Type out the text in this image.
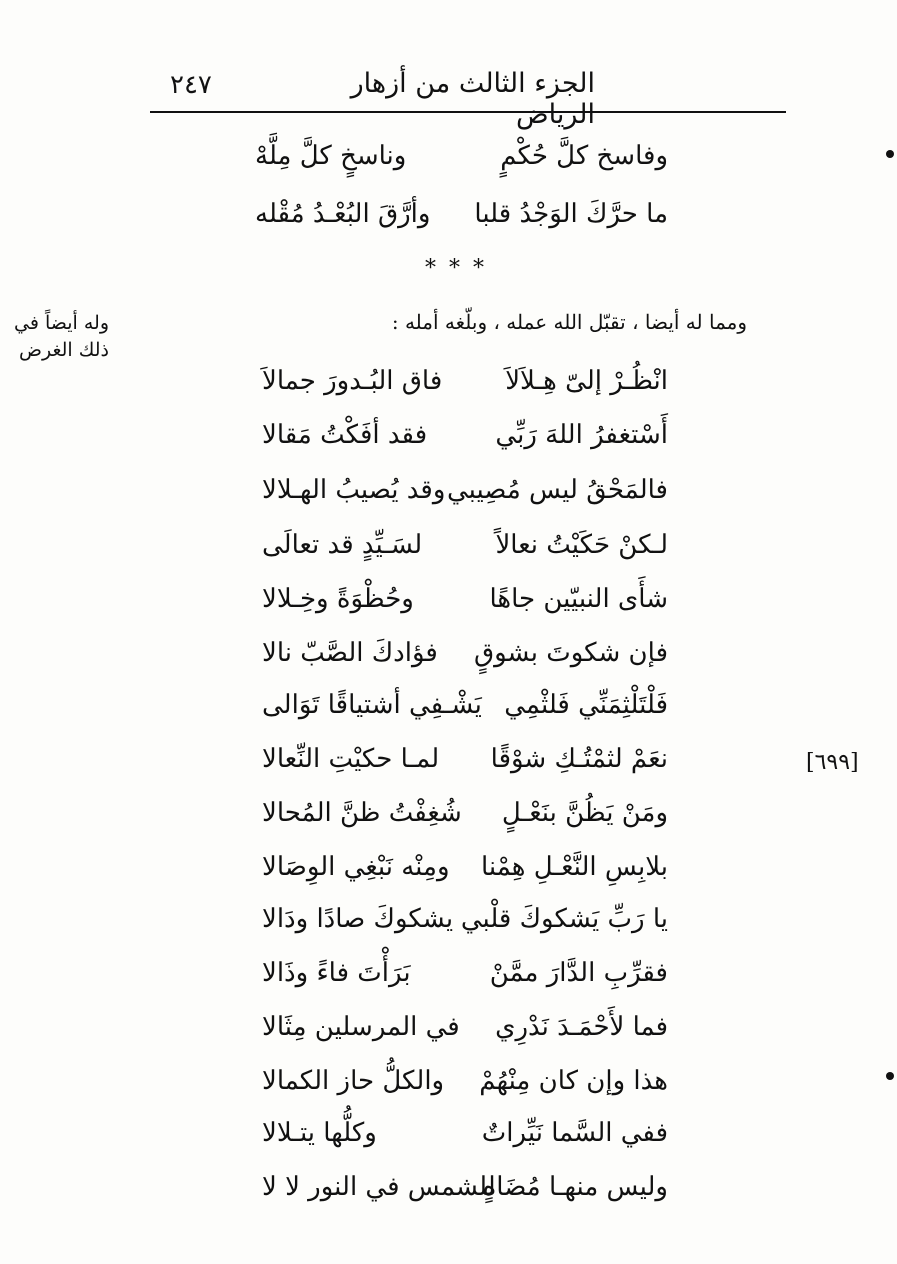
٢٤٧	الجزء الثالث من أزهار الرياض
وفاسخ كلَّ حُكْمٍ
وناسخٍ كلَّ مِلَّهْ
ما حرَّكَ الوَجْدُ قلبا
وأرَّقَ البُعْـدُ مُقْله
* * *
ومما له أيضا ، تقبّل الله عمله ، وبلّغه أمله :
وله أيضاً في
ذلك الغرض
[٦٩٩]
انْظُـرْ إلىّ هِـلاَلاَ
فاق البُـدورَ جمالاَ
أَسْتغفرُ اللهَ رَبِّي
فقد أفَكْتُ مَقالا
فالمَحْقُ ليس مُصِيبي
وقد يُصيبُ الهـلالا
لـكنْ حَكَيْتُ نعالاً
لسَـيِّدٍ قد تعالَى
شأَى النبيّين جاهًا
وحُظْوَةً وخِـلالا
فإن شكوتَ بشوقٍ
فؤادكَ الصَّبّ نالا
فَلْتَلْثِمَنِّي فَلثْمِي
يَشْـفِي أشتياقًا تَوَالى
نعَمْ لثمْتُـكِ شوْقًا
لمـا حكيْتِ النِّعالا
ومَنْ يَظُنَّ بنَعْـلٍ
شُغِفْتُ ظنَّ المُحالا
بلابِسِ النَّعْـلِ هِمْنا
ومِنْه نَبْغِي الوِصَالا
يا رَبِّ يَشكوكَ قلْبي
يشكوكَ صادًا ودَالا
فقرِّبِ الدَّارَ ممَّنْ
بَرَأْتَ فاءً وذَالا
فما لأَحْمَـدَ نَدْرِي
في المرسلين مِثَالا
هذا وإن كان مِنْهُمْ
والكلُّ حاز الكمالا
ففي السَّما نَيِّراتٌ
وكلُّها يتـلالا
وليس منهـا مُضَاهٍ
للشمس في النور لا لا
